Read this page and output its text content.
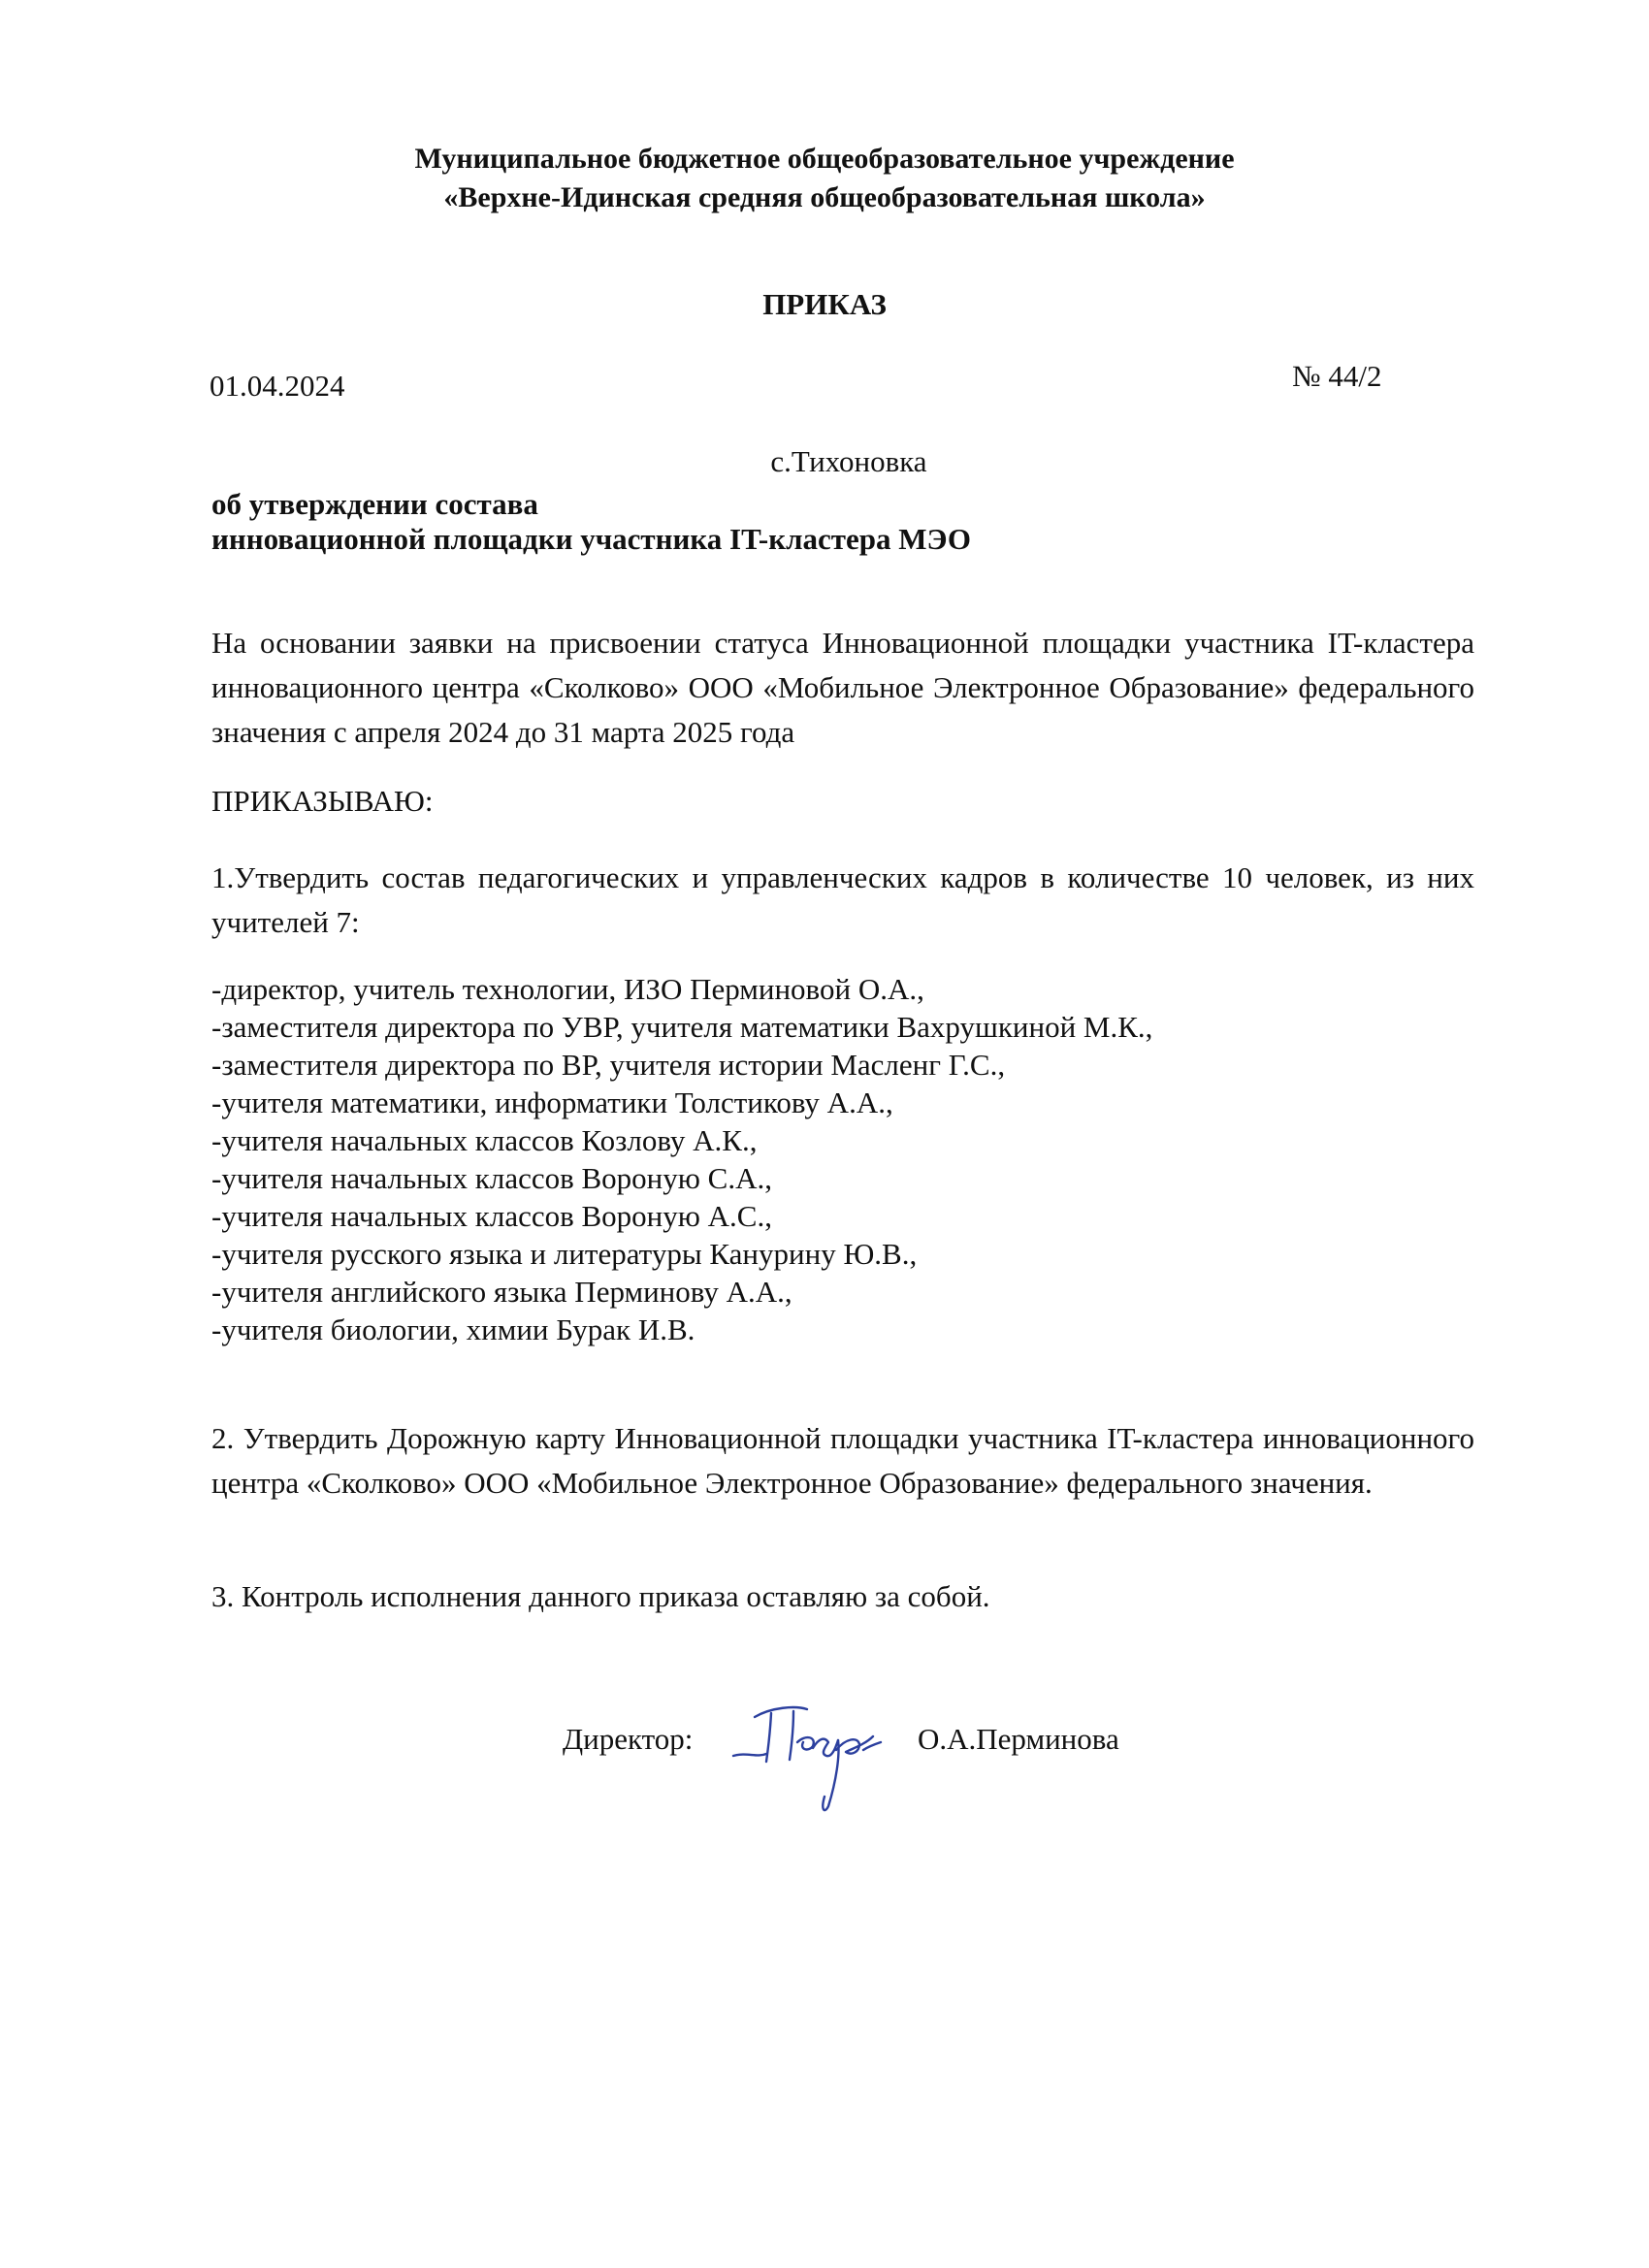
Муниципальное бюджетное общеобразовательное учреждение
«Верхне-Идинская средняя общеобразовательная школа»
ПРИКАЗ
01.04.2024	№ 44/2
с.Тихоновка
об утверждении состава
инновационной площадки участника IT-кластера МЭО
На основании заявки на присвоении статуса Инновационной площадки участника IT-кластера инновационного центра «Сколково» ООО «Мобильное Электронное Образование» федерального значения с апреля 2024 до 31 марта 2025 года
ПРИКАЗЫВАЮ:
1.Утвердить состав педагогических и управленческих кадров в количестве 10 человек, из них учителей 7:
-директор, учитель технологии, ИЗО Перминовой О.А.,
-заместителя директора по УВР, учителя математики Вахрушкиной М.К.,
-заместителя директора по ВР, учителя истории Масленг Г.С.,
-учителя математики, информатики Толстикову А.А.,
-учителя начальных классов Козлову А.К.,
-учителя начальных классов Вороную С.А.,
-учителя начальных классов Вороную А.С.,
-учителя русского языка и литературы Канурину Ю.В.,
-учителя английского языка Перминову А.А.,
-учителя биологии, химии Бурак И.В.
2. Утвердить Дорожную карту Инновационной площадки участника IT-кластера инновационного центра «Сколково» ООО «Мобильное Электронное Образование» федерального значения.
3. Контроль исполнения данного приказа оставляю за собой.
Директор:	О.А.Перминова
